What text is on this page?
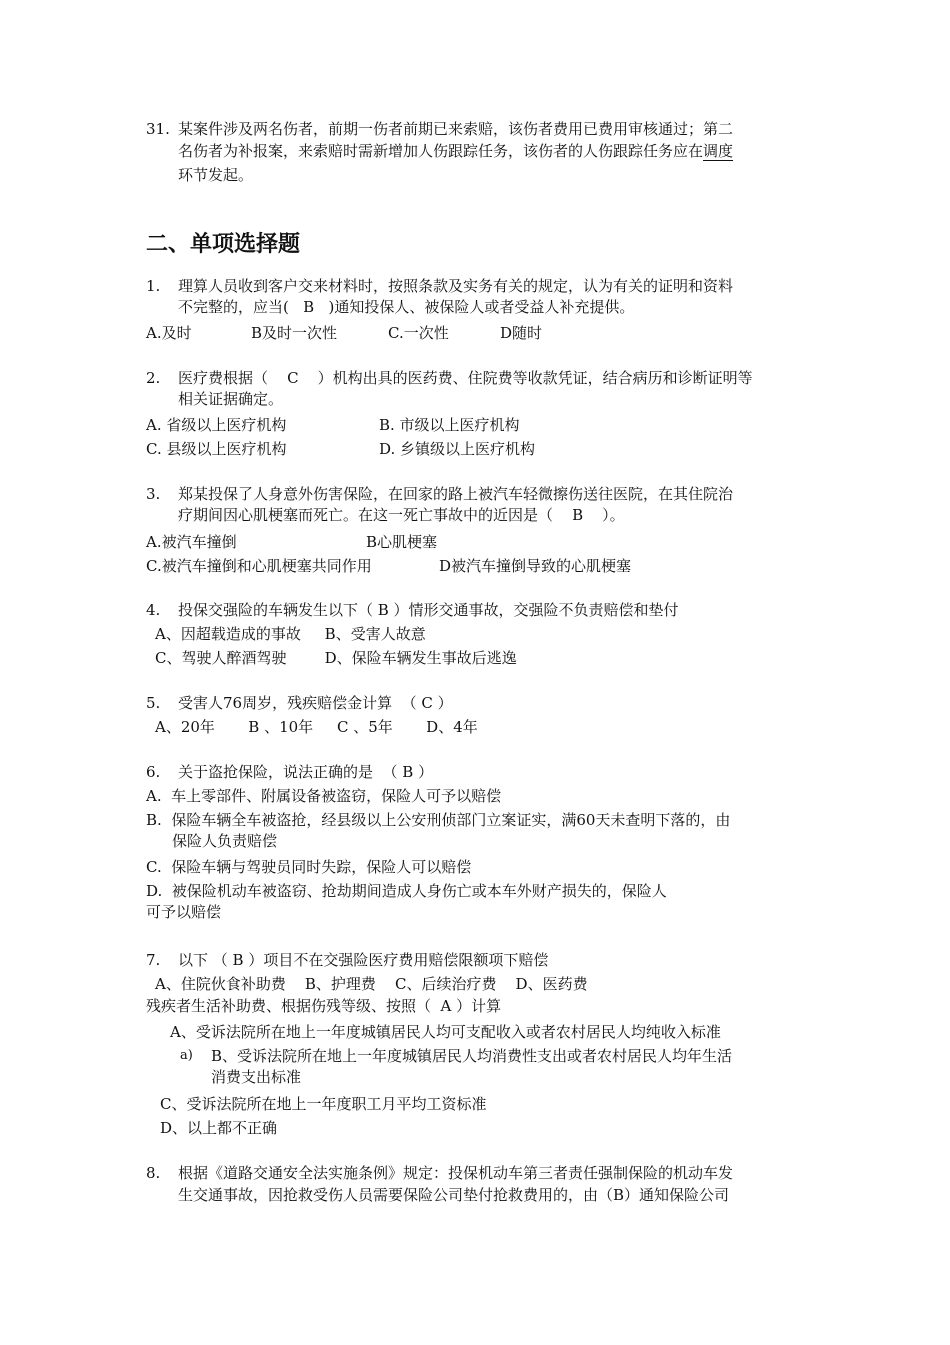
31. 某案件涉及两名伤者，前期一伤者前期已来索赔，该伤者费用已费用审核通过；第二
名伤者为补报案，来索赔时需新增加人伤跟踪任务，该伤者的人伤跟踪任务应在调度
环节发起。
二、单项选择题
1. 理算人员收到客户交来材料时，按照条款及实务有关的规定，认为有关的证明和资料
不完整的，应当(   B   )通知投保人、被保险人或者受益人补充提供。
A.及时	B及时一次性	C.一次性	D随时
2. 医疗费根据（    C    ）机构出具的医药费、住院费等收款凭证，结合病历和诊断证明等
相关证据确定。
A. 省级以上医疗机构	B. 市级以上医疗机构
C. 县级以上医疗机构	D. 乡镇级以上医疗机构
3. 郑某投保了人身意外伤害保险，在回家的路上被汽车轻微擦伤送往医院，在其住院治
疗期间因心肌梗塞而死亡。在这一死亡事故中的近因是（    B    ）。
A.被汽车撞倒	B心肌梗塞
C.被汽车撞倒和心肌梗塞共同作用	D被汽车撞倒导致的心肌梗塞
4. 投保交强险的车辆发生以下（ B ）情形交通事故，交强险不负责赔偿和垫付
A、因超载造成的事故     B、受害人故意
C、驾驶人醉酒驾驶        D、保险车辆发生事故后逃逸
5. 受害人76周岁，残疾赔偿金计算  （ C ）
A、20年       B 、10年     C 、5年       D、4年
6. 关于盗抢保险，说法正确的是  （ B ）
A.  车上零部件、附属设备被盗窃，保险人可予以赔偿
B.  保险车辆全车被盗抢，经县级以上公安刑侦部门立案证实，满60天未查明下落的，由
保险人负责赔偿
C.  保险车辆与驾驶员同时失踪，保险人可以赔偿
D.  被保险机动车被盗窃、抢劫期间造成人身伤亡或本车外财产损失的，保险人
可予以赔偿
7. 以下 （ B ）项目不在交强险医疗费用赔偿限额项下赔偿
A、住院伙食补助费    B、护理费    C、后续治疗费    D、医药费
残疾者生活补助费、根据伤残等级、按照（  A ）计算
A、受诉法院所在地上一年度城镇居民人均可支配收入或者农村居民人均纯收入标准
a) B、受诉法院所在地上一年度城镇居民人均消费性支出或者农村居民人均年生活
消费支出标准
C、受诉法院所在地上一年度职工月平均工资标准
D、以上都不正确
8. 根据《道路交通安全法实施条例》规定：投保机动车第三者责任强制保险的机动车发
生交通事故，因抢救受伤人员需要保险公司垫付抢救费用的，由（B）通知保险公司
